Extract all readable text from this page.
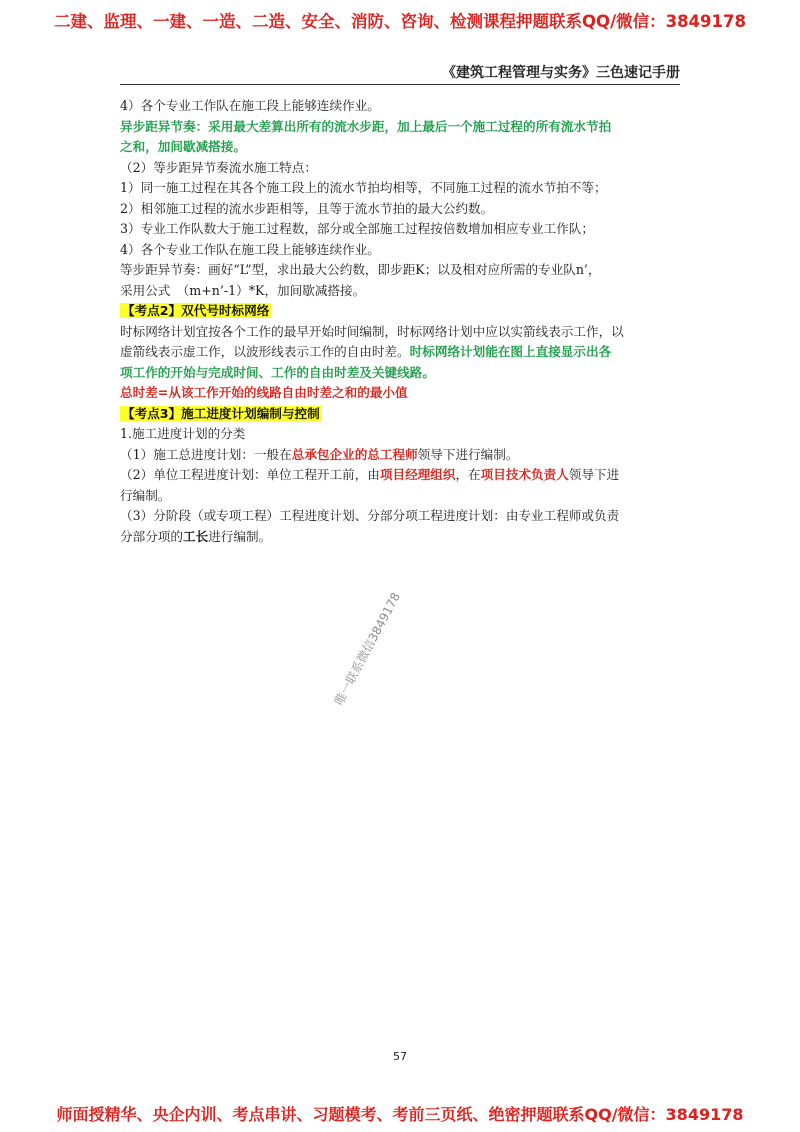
二建、监理、一建、一造、二造、安全、消防、咨询、检测课程押题联系QQ/微信：3849178
《建筑工程管理与实务》三色速记手册
4）各个专业工作队在施工段上能够连续作业。
异步距异节奏：采用最大差算出所有的流水步距，加上最后一个施工过程的所有流水节拍
之和，加间歇减搭接。
（2）等步距异节奏流水施工特点：
1）同一施工过程在其各个施工段上的流水节拍均相等，不同施工过程的流水节拍不等；
2）相邻施工过程的流水步距相等，且等于流水节拍的最大公约数。
3）专业工作队数大于施工过程数，部分或全部施工过程按倍数增加相应专业工作队；
4）各个专业工作队在施工段上能够连续作业。
等步距异节奏：画好“L”型，求出最大公约数，即步距K；以及相对应所需的专业队n’，
采用公式　（m+n’-1）*K，加间歇减搭接。
【考点2】双代号时标网络
时标网络计划宜按各个工作的最早开始时间编制，时标网络计划中应以实箭线表示工作，以
虚箭线表示虚工作，以波形线表示工作的自由时差。时标网络计划能在图上直接显示出各
项工作的开始与完成时间、工作的自由时差及关键线路。
总时差=从该工作开始的线路自由时差之和的最小值
【考点3】施工进度计划编制与控制
1.施工进度计划的分类
（1）施工总进度计划：一般在总承包企业的总工程师领导下进行编制。
（2）单位工程进度计划：单位工程开工前，由项目经理组织，在项目技术负责人领导下进
行编制。
（3）分阶段（或专项工程）工程进度计划、分部分项工程进度计划：由专业工程师或负责
分部分项的工长进行编制。
唯一联系微信3849178
57
师面授精华、央企内训、考点串讲、习题模考、考前三页纸、绝密押题联系QQ/微信：3849178
